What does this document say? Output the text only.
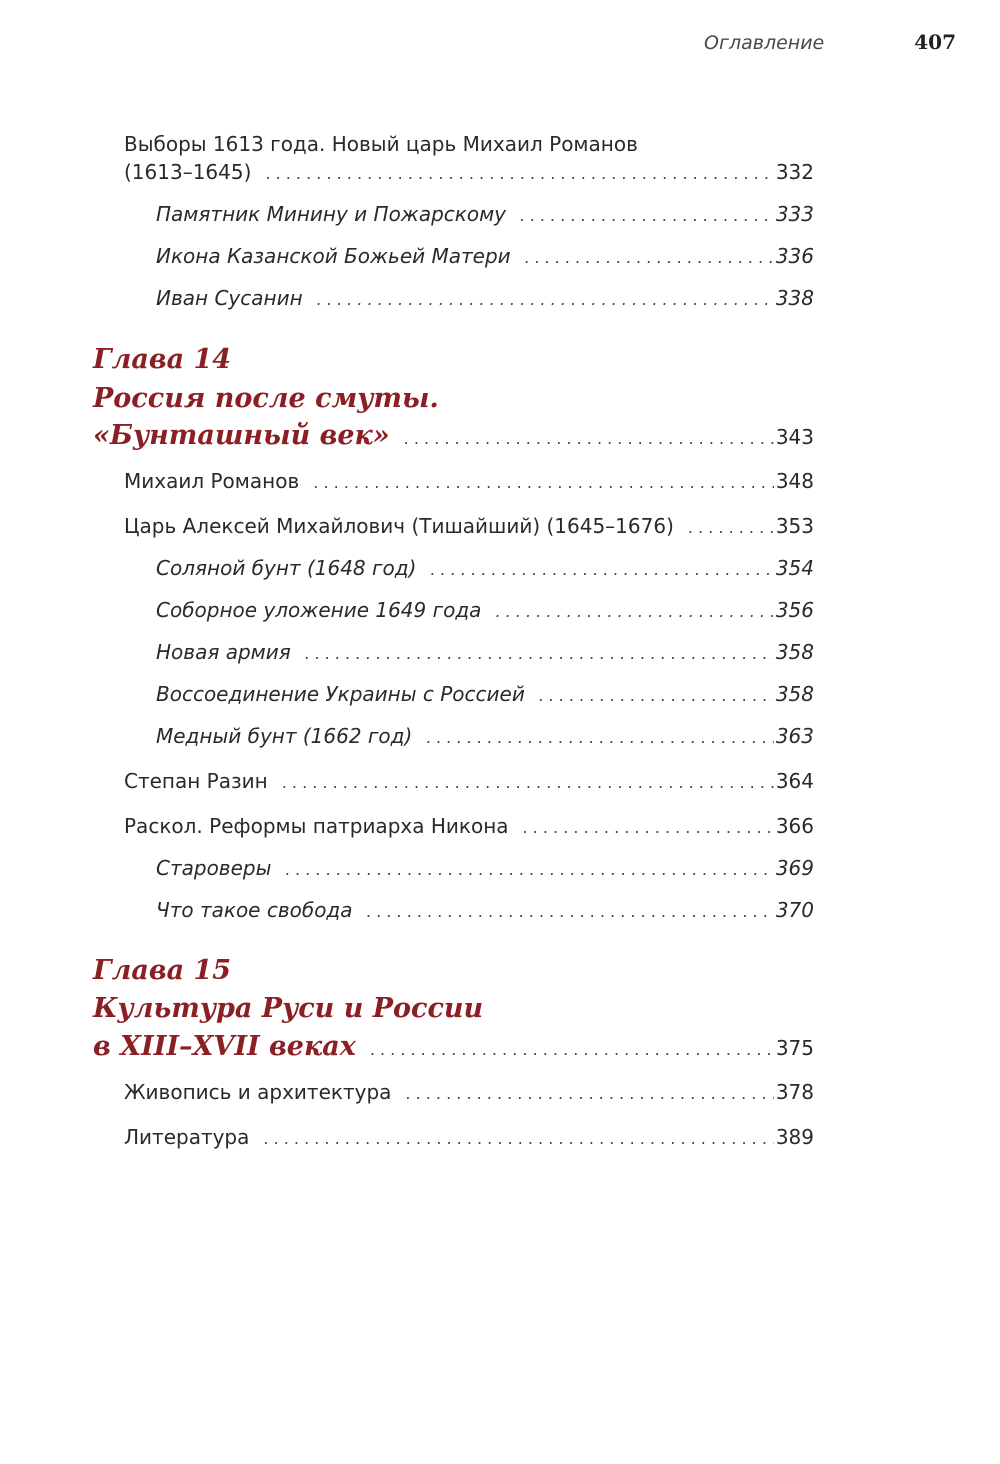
Оглавление	407
Выборы 1613 года. Новый царь Михаил Романов
(1613–1645) . . .	332
Памятник Минину и Пожарскому . . .	333
Икона Казанской Божьей Матери . . .	336
Иван Сусанин . . .	338
Глава 14
Россия после смуты.
«Бунташный век» . . .	343
Михаил Романов . . .	348
Царь Алексей Михайлович (Тишайший) (1645–1676) . . .	353
Соляной бунт (1648 год) . . .	354
Соборное уложение 1649 года . . .	356
Новая армия . . .	358
Воссоединение Украины с Россией . . .	358
Медный бунт (1662 год) . . .	363
Степан Разин . . .	364
Раскол. Реформы патриарха Никона . . .	366
Староверы . . .	369
Что такое свобода . . .	370
Глава 15
Культура Руси и России
в XIII–XVII веках . . .	375
Живопись и архитектура . . .	378
Литература . . .	389
